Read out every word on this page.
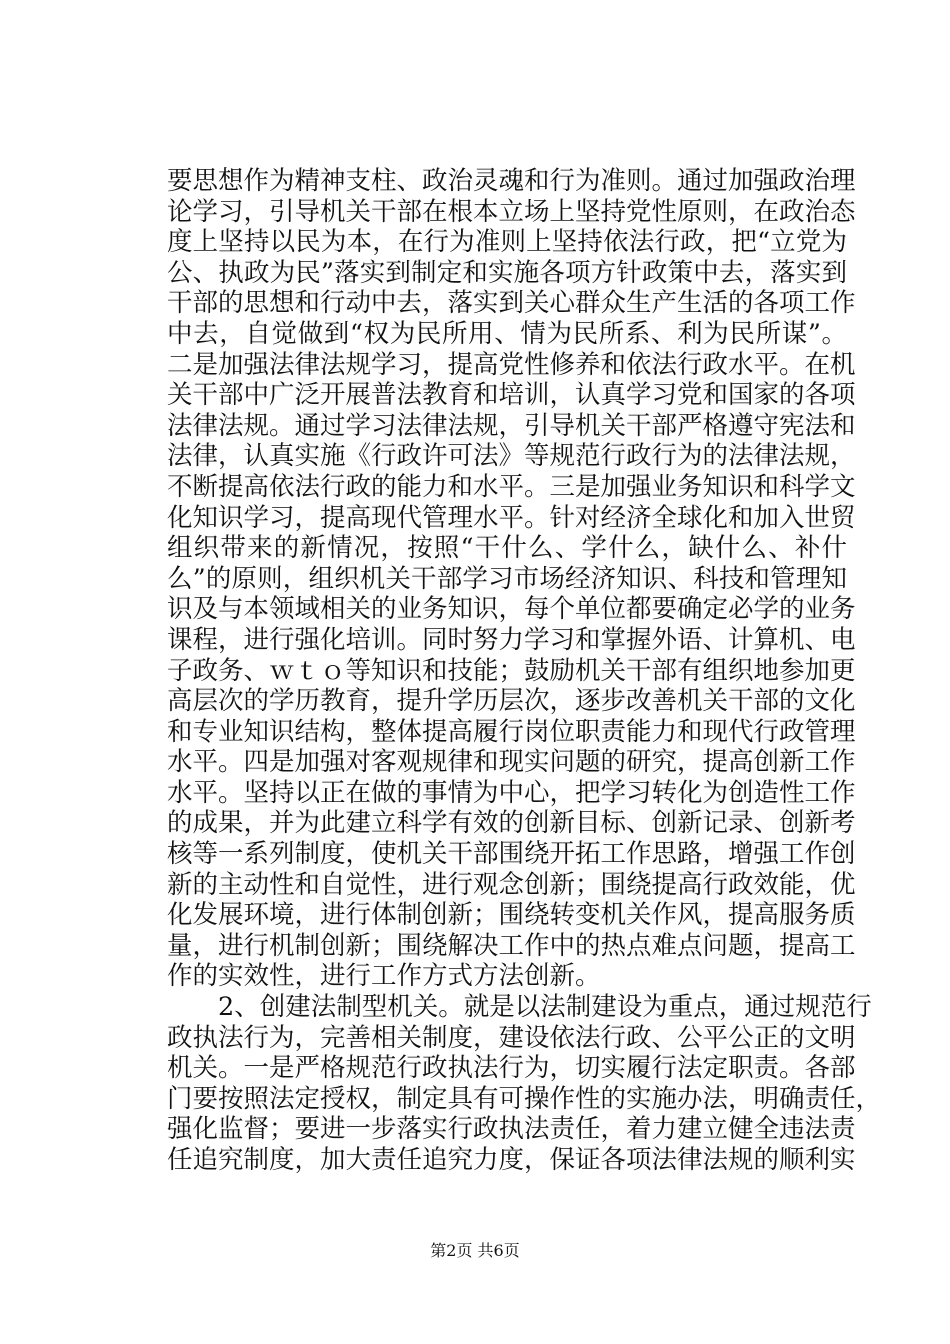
要思想作为精神支柱、政治灵魂和行为准则。通过加强政治理
论学习，引导机关干部在根本立场上坚持党性原则，在政治态
度上坚持以民为本，在行为准则上坚持依法行政，把“立党为
公、执政为民”落实到制定和实施各项方针政策中去，落实到
干部的思想和行动中去，落实到关心群众生产生活的各项工作
中去，自觉做到“权为民所用、情为民所系、利为民所谋”。
二是加强法律法规学习，提高党性修养和依法行政水平。在机
关干部中广泛开展普法教育和培训，认真学习党和国家的各项
法律法规。通过学习法律法规，引导机关干部严格遵守宪法和
法律，认真实施《行政许可法》等规范行政行为的法律法规，
不断提高依法行政的能力和水平。三是加强业务知识和科学文
化知识学习，提高现代管理水平。针对经济全球化和加入世贸
组织带来的新情况，按照“干什么、学什么，缺什么、补什
么”的原则，组织机关干部学习市场经济知识、科技和管理知
识及与本领域相关的业务知识，每个单位都要确定必学的业务
课程，进行强化培训。同时努力学习和掌握外语、计算机、电
子政务、ｗｔｏ等知识和技能；鼓励机关干部有组织地参加更
高层次的学历教育，提升学历层次，逐步改善机关干部的文化
和专业知识结构，整体提高履行岗位职责能力和现代行政管理
水平。四是加强对客观规律和现实问题的研究，提高创新工作
水平。坚持以正在做的事情为中心，把学习转化为创造性工作
的成果，并为此建立科学有效的创新目标、创新记录、创新考
核等一系列制度，使机关干部围绕开拓工作思路，增强工作创
新的主动性和自觉性，进行观念创新；围绕提高行政效能，优
化发展环境，进行体制创新；围绕转变机关作风，提高服务质
量，进行机制创新；围绕解决工作中的热点难点问题，提高工
作的实效性，进行工作方式方法创新。
2、创建法制型机关。就是以法制建设为重点，通过规范行
政执法行为，完善相关制度，建设依法行政、公平公正的文明
机关。一是严格规范行政执法行为，切实履行法定职责。各部
门要按照法定授权，制定具有可操作性的实施办法，明确责任，
强化监督；要进一步落实行政执法责任，着力建立健全违法责
任追究制度，加大责任追究力度，保证各项法律法规的顺利实
第2页 共6页
